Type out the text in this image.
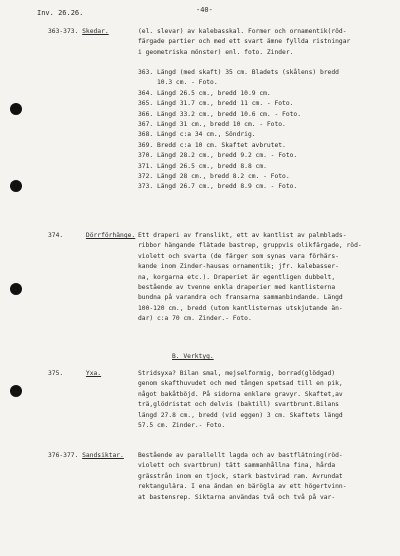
Inv. 26.26.	-40-
363-373. Skedar.	(el. slevar) av kalebasskal. Former och ornamentik(röd-
färgade partier och med ett svart ämne fyllda ristningar
i geometriska mönster) enl. foto. Zinder.
363. Längd (med skaft) 35 cm. Bladets (skålens) bredd
10.3 cm. - Foto.
364. Längd 26.5 cm., bredd 10.9 cm.
365. Längd 31.7 cm., bredd 11 cm. - Foto.
366. Längd 33.2 cm., bredd 10.6 cm. - Foto.
367. Längd 31 cm., bredd 10 cm. - Foto.
368. Längd c:a 34 cm., Söndrig.
369. Bredd c:a 10 cm. Skaftet avbrutet.
370. Längd 28.2 cm., bredd 9.2 cm. - Foto.
371. Längd 26.5 cm., bredd 8.8 cm.
372. Längd 28 cm., bredd 8.2 cm. - Foto.
373. Längd 26.7 cm., bredd 8.9 cm. - Foto.
374.	Dörrförhänge. Ett draperi av franslikt, ett av kantlist av palmblads-
ribbor hängande flätade bastrep, gruppvis olikfärgade, röd-
violett och svarta (de färger som synas vara förhärs-
kande inom Zinder-hausas ornamentik; jfr. kalebasser-
na, korgarna etc.). Draperiet är egentligen dubbelt,
bestående av tvenne enkla draperier med kantlisterna
bundna på varandra och fransarna sammanbindande. Längd
100-120 cm., bredd (utom kantlisternas utskjutande än-
dar) c:a 70 cm. Zinder.- Foto.
B. Verktyg.
375.	Yxa.	Stridsyxa? Bilan smal, mejselformig, borrad(glödgad)
genom skafthuvudet och med tången spetsad till en pik,
något bakåtböjd. På sidorna enklare gravyr. Skaftet,av
trä,glödristat och delvis (baktill) svartbrunt.Bilans
längd 27.8 cm., bredd (vid eggen) 3 cm. Skaftets längd
57.5 cm. Zinder.- Foto.
376-377. Sandsiktar. Bestående av parallellt lagda och av bastflätning(röd-
violett och svartbrun) tätt sammanhållna fina, hårda
grässtrån inom en tjock, stark bastvirad ram. Avrundat
rektangulära. I ena ändan en bärögla av ett högertvinn-
at bastensrep. Siktarna användas två och två på var-
